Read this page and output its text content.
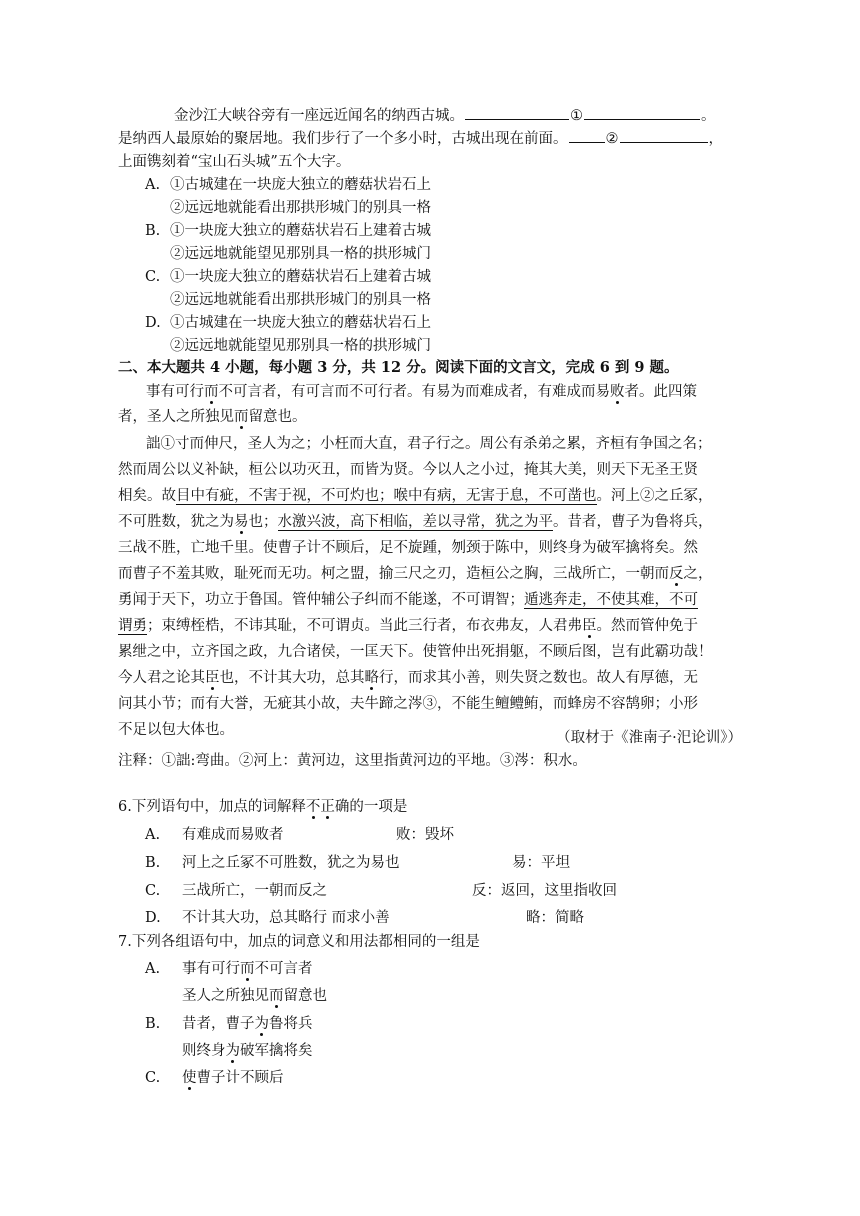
金沙江大峡谷旁有一座远近闻名的纳西古城。	①	。
是纳西人最原始的聚居地。我们步行了一个多小时，古城出现在前面。	②	，
上面镌刻着“宝山石头城”五个大字。
A. ①古城建在一块庞大独立的蘑菇状岩石上
②远远地就能看出那拱形城门的别具一格
B. ①一块庞大独立的蘑菇状岩石上建着古城
②远远地就能望见那别具一格的拱形城门
C. ①一块庞大独立的蘑菇状岩石上建着古城
②远远地就能看出那拱形城门的别具一格
D. ①古城建在一块庞大独立的蘑菇状岩石上
②远远地就能望见那别具一格的拱形城门
二、本大题共 4 小题，每小题 3 分，共 12 分。阅读下面的文言文，完成 6 到 9 题。
事有可行而不可言者，有可言而不可行者。有易为而难成者，有难成而易败者。此四策
者，圣人之所独见而留意也。
詘①寸而伸尺，圣人为之；小枉而大直，君子行之。周公有杀弟之累，齐桓有争国之名；
然而周公以义补缺，桓公以功灭丑，而皆为贤。今以人之小过，掩其大美，则天下无圣王贤
相矣。故目中有疵，不害于视，不可灼也；喉中有病，无害于息，不可凿也。河上②之丘冢，
不可胜数，犹之为易也；水激兴波，高下相临，差以寻常，犹之为平。昔者，曹子为鲁将兵，
三战不胜，亡地千里。使曹子计不顾后，足不旋踵，刎颈于陈中，则终身为破军擒将矣。然
而曹子不羞其败，耻死而无功。柯之盟，揄三尺之刃，造桓公之胸，三战所亡，一朝而反之，
勇闻于天下，功立于鲁国。管仲辅公子纠而不能遂，不可谓智；遁逃奔走，不使其难，不可
谓勇；束缚桎梏，不讳其耻，不可谓贞。当此三行者，布衣弗友，人君弗臣。然而管仲免于
累绁之中，立齐国之政，九合诸侯，一匡天下。使管仲出死捐躯，不顾后图，岂有此霸功哉！
今人君之论其臣也，不计其大功，总其略行，而求其小善，则失贤之数也。故人有厚德，无
问其小节；而有大誉，无疵其小故，夫牛蹄之涔③，不能生鳣鳢鲔，而蜂房不容鹄卵；小形
不足以包大体也。	（取材于《淮南子·汜论训》）
注释：①詘:弯曲。②河上：黄河边，这里指黄河边的平地。③涔：积水。
6.下列语句中，加点的词解释不正确的一项是
A. 有难成而易败者	败：毁坏
B. 河上之丘冢不可胜数，犹之为易也	易：平坦
C. 三战所亡，一朝而反之	反：返回，这里指收回
D. 不计其大功，总其略行 而求小善	略：简略
7.下列各组语句中，加点的词意义和用法都相同的一组是
A. 事有可行而不可言者
圣人之所独见而留意也
B. 昔者，曹子为鲁将兵
则终身为破军擒将矣
C. 使曹子计不顾后
